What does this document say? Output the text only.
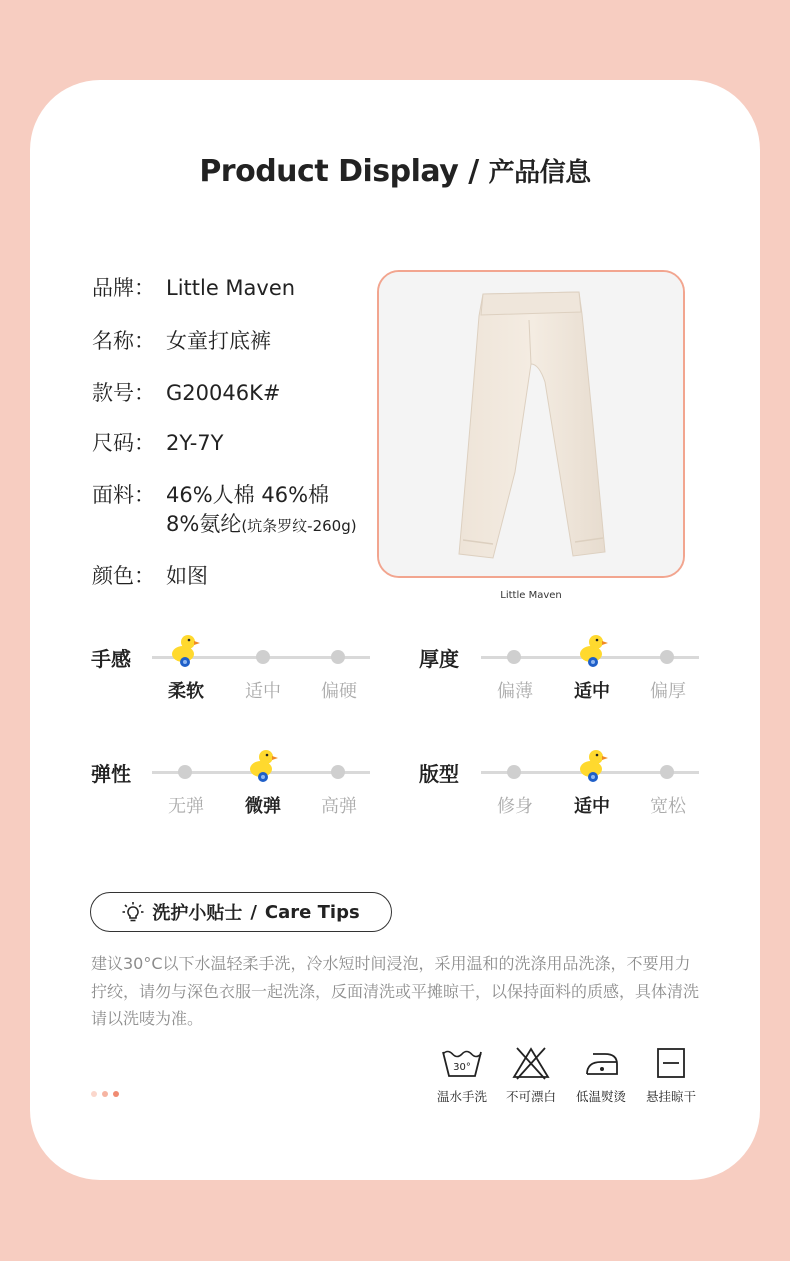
Product Display / 产品信息
品牌： Little Maven
名称： 女童打底裤
款号： G20046K#
尺码： 2Y-7Y
面料： 46%人棉 46%棉
8%氨纶(坑条罗纹-260g)
颜色： 如图
Little Maven
手感
柔软	适中	偏硬
厚度
偏薄	适中	偏厚
弹性
无弹	微弹	高弹
版型
修身	适中	宽松
洗护小贴士 / Care Tips
建议30°C以下水温轻柔手洗，冷水短时间浸泡，采用温和的洗涤用品洗涤，不要用力拧绞，请勿与深色衣服一起洗涤，反面清洗或平摊晾干，以保持面料的质感，具体清洗请以洗唛为准。
30°
温水手洗	不可漂白	低温熨烫	悬挂晾干
